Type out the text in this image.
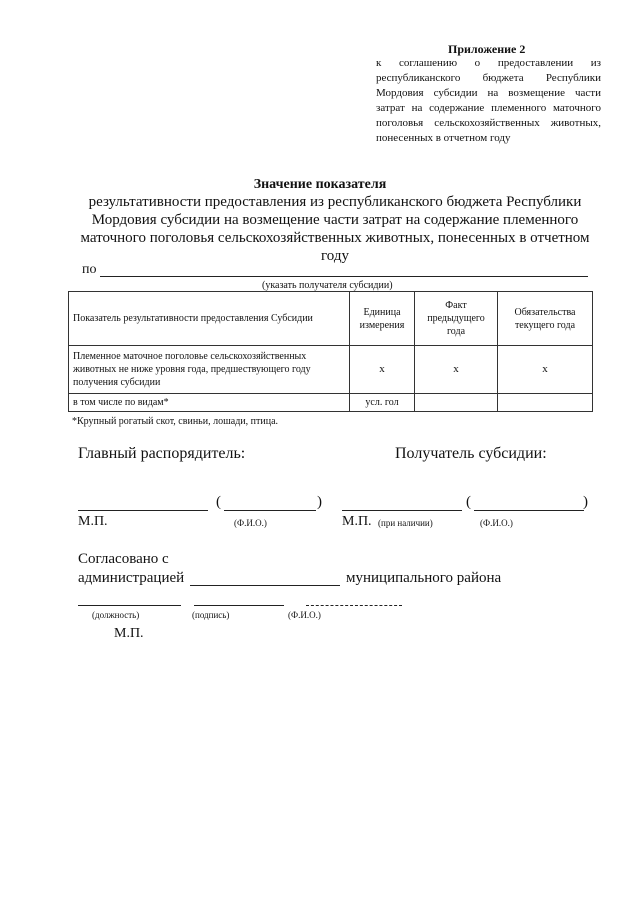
Приложение 2
к соглашению о предоставлении из республиканского бюджета Республики Мордовия субсидии на возмещение части затрат на содержание племенного маточного поголовья сельскохозяйственных животных, понесенных в отчетном году
Значение показателя
результативности предоставления из республиканского бюджета Республики Мордовия субсидии на возмещение части затрат на содержание племенного маточного поголовья сельскохозяйственных животных, понесенных в отчетном году
по
(указать получателя субсидии)
Показатель результативности предоставления Субсидии	Единица измерения	Факт предыдущего года	Обязательства текущего года
Племенное маточное поголовье сельскохозяйственных животных не ниже уровня года, предшествующего году получения субсидии	х	х	х
в том числе по видам*	усл. гол		
*Крупный рогатый скот, свиньи, лошади, птица.
Главный распорядитель:	Получатель субсидии:
(	)
М.П.	(Ф.И.О.)
(	)
М.П. (при наличии)	(Ф.И.О.)
Согласовано с
администрацией	муниципального района
(должность)	(подпись)	(Ф.И.О.)
М.П.
